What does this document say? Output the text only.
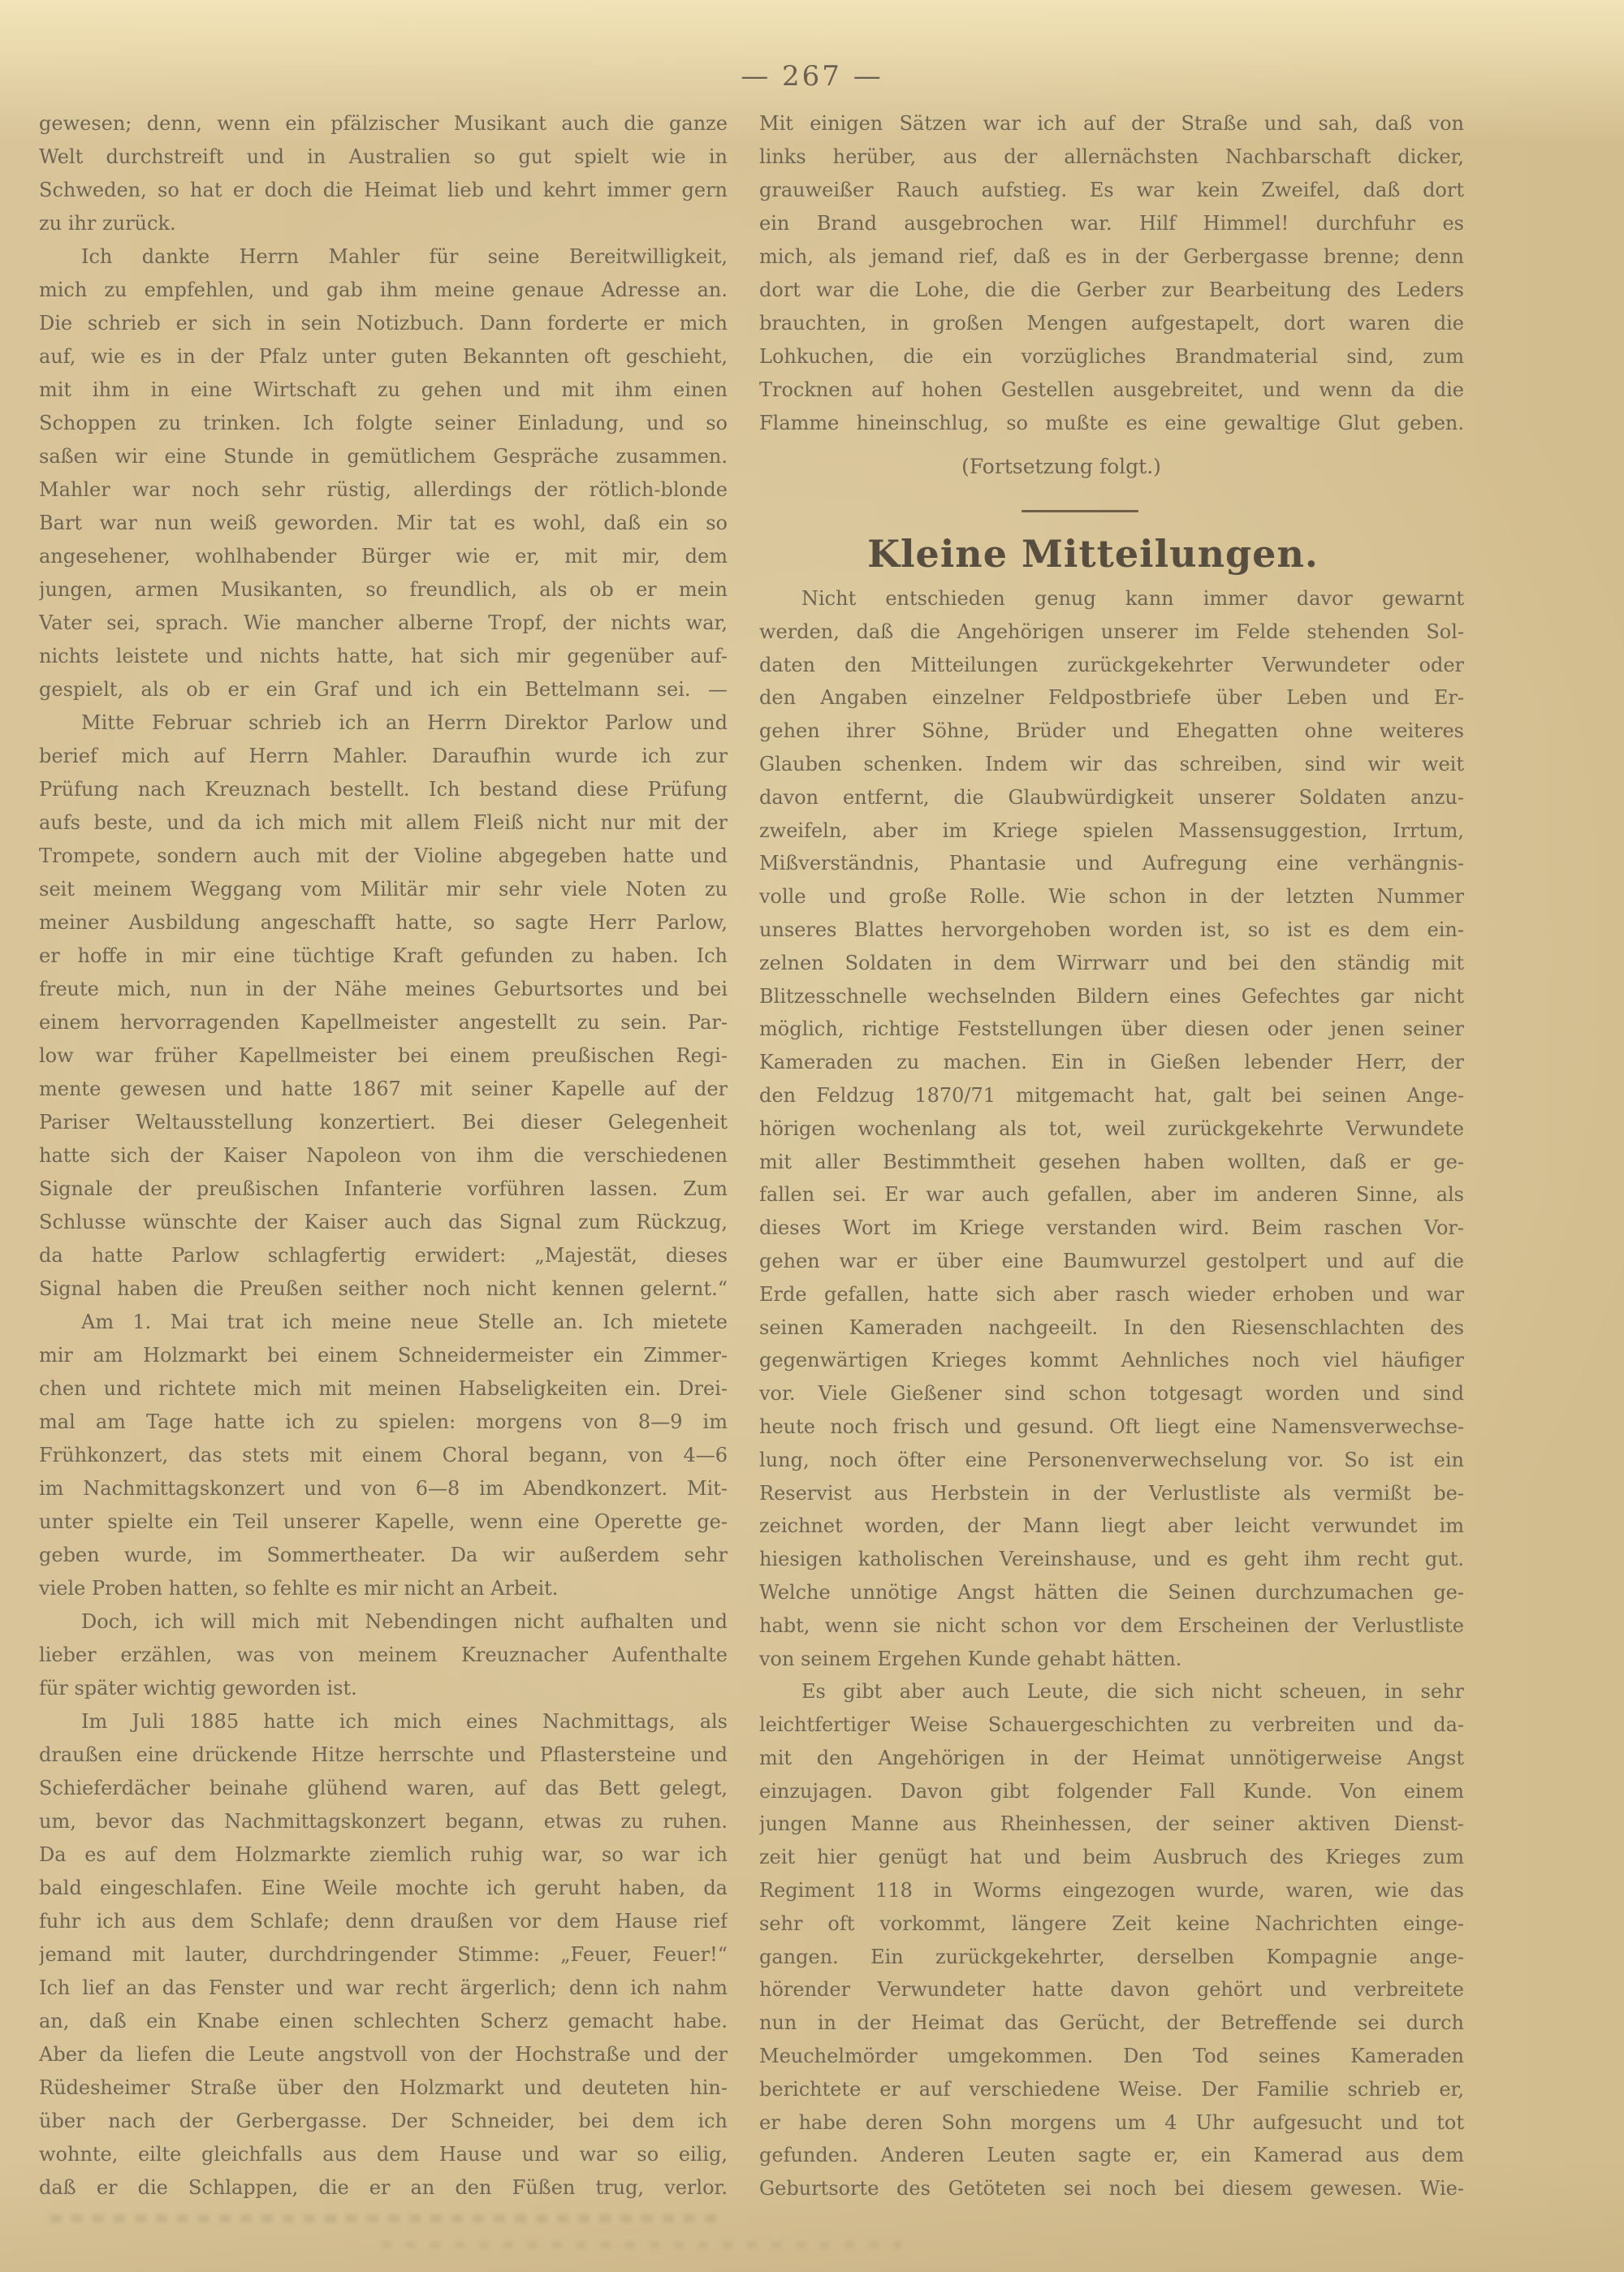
— 267 —
gewesen; denn, wenn ein pfälzischer Musikant auch die ganze
Welt durchstreift und in Australien so gut spielt wie in
Schweden, so hat er doch die Heimat lieb und kehrt immer gern
zu ihr zurück.
Ich dankte Herrn Mahler für seine Bereitwilligkeit,
mich zu empfehlen, und gab ihm meine genaue Adresse an.
Die schrieb er sich in sein Notizbuch. Dann forderte er mich
auf, wie es in der Pfalz unter guten Bekannten oft geschieht,
mit ihm in eine Wirtschaft zu gehen und mit ihm einen
Schoppen zu trinken. Ich folgte seiner Einladung, und so
saßen wir eine Stunde in gemütlichem Gespräche zusammen.
Mahler war noch sehr rüstig, allerdings der rötlich-blonde
Bart war nun weiß geworden. Mir tat es wohl, daß ein so
angesehener, wohlhabender Bürger wie er, mit mir, dem
jungen, armen Musikanten, so freundlich, als ob er mein
Vater sei, sprach. Wie mancher alberne Tropf, der nichts war,
nichts leistete und nichts hatte, hat sich mir gegenüber auf-
gespielt, als ob er ein Graf und ich ein Bettelmann sei. —
Mitte Februar schrieb ich an Herrn Direktor Parlow und
berief mich auf Herrn Mahler. Daraufhin wurde ich zur
Prüfung nach Kreuznach bestellt. Ich bestand diese Prüfung
aufs beste, und da ich mich mit allem Fleiß nicht nur mit der
Trompete, sondern auch mit der Violine abgegeben hatte und
seit meinem Weggang vom Militär mir sehr viele Noten zu
meiner Ausbildung angeschafft hatte, so sagte Herr Parlow,
er hoffe in mir eine tüchtige Kraft gefunden zu haben. Ich
freute mich, nun in der Nähe meines Geburtsortes und bei
einem hervorragenden Kapellmeister angestellt zu sein. Par-
low war früher Kapellmeister bei einem preußischen Regi-
mente gewesen und hatte 1867 mit seiner Kapelle auf der
Pariser Weltausstellung konzertiert. Bei dieser Gelegenheit
hatte sich der Kaiser Napoleon von ihm die verschiedenen
Signale der preußischen Infanterie vorführen lassen. Zum
Schlusse wünschte der Kaiser auch das Signal zum Rückzug,
da hatte Parlow schlagfertig erwidert: „Majestät, dieses
Signal haben die Preußen seither noch nicht kennen gelernt.“
Am 1. Mai trat ich meine neue Stelle an. Ich mietete
mir am Holzmarkt bei einem Schneidermeister ein Zimmer-
chen und richtete mich mit meinen Habseligkeiten ein. Drei-
mal am Tage hatte ich zu spielen: morgens von 8—9 im
Frühkonzert, das stets mit einem Choral begann, von 4—6
im Nachmittagskonzert und von 6—8 im Abendkonzert. Mit-
unter spielte ein Teil unserer Kapelle, wenn eine Operette ge-
geben wurde, im Sommertheater. Da wir außerdem sehr
viele Proben hatten, so fehlte es mir nicht an Arbeit.
Doch, ich will mich mit Nebendingen nicht aufhalten und
lieber erzählen, was von meinem Kreuznacher Aufenthalte
für später wichtig geworden ist.
Im Juli 1885 hatte ich mich eines Nachmittags, als
draußen eine drückende Hitze herrschte und Pflastersteine und
Schieferdächer beinahe glühend waren, auf das Bett gelegt,
um, bevor das Nachmittagskonzert begann, etwas zu ruhen.
Da es auf dem Holzmarkte ziemlich ruhig war, so war ich
bald eingeschlafen. Eine Weile mochte ich geruht haben, da
fuhr ich aus dem Schlafe; denn draußen vor dem Hause rief
jemand mit lauter, durchdringender Stimme: „Feuer, Feuer!“
Ich lief an das Fenster und war recht ärgerlich; denn ich nahm
an, daß ein Knabe einen schlechten Scherz gemacht habe.
Aber da liefen die Leute angstvoll von der Hochstraße und der
Rüdesheimer Straße über den Holzmarkt und deuteten hin-
über nach der Gerbergasse. Der Schneider, bei dem ich
wohnte, eilte gleichfalls aus dem Hause und war so eilig,
daß er die Schlappen, die er an den Füßen trug, verlor.
Mit einigen Sätzen war ich auf der Straße und sah, daß von
links herüber, aus der allernächsten Nachbarschaft dicker,
grauweißer Rauch aufstieg. Es war kein Zweifel, daß dort
ein Brand ausgebrochen war. Hilf Himmel! durchfuhr es
mich, als jemand rief, daß es in der Gerbergasse brenne; denn
dort war die Lohe, die die Gerber zur Bearbeitung des Leders
brauchten, in großen Mengen aufgestapelt, dort waren die
Lohkuchen, die ein vorzügliches Brandmaterial sind, zum
Trocknen auf hohen Gestellen ausgebreitet, und wenn da die
Flamme hineinschlug, so mußte es eine gewaltige Glut geben.
(Fortsetzung folgt.)
Kleine Mitteilungen.
Nicht entschieden genug kann immer davor gewarnt
werden, daß die Angehörigen unserer im Felde stehenden Sol-
daten den Mitteilungen zurückgekehrter Verwundeter oder
den Angaben einzelner Feldpostbriefe über Leben und Er-
gehen ihrer Söhne, Brüder und Ehegatten ohne weiteres
Glauben schenken. Indem wir das schreiben, sind wir weit
davon entfernt, die Glaubwürdigkeit unserer Soldaten anzu-
zweifeln, aber im Kriege spielen Massensuggestion, Irrtum,
Mißverständnis, Phantasie und Aufregung eine verhängnis-
volle und große Rolle. Wie schon in der letzten Nummer
unseres Blattes hervorgehoben worden ist, so ist es dem ein-
zelnen Soldaten in dem Wirrwarr und bei den ständig mit
Blitzesschnelle wechselnden Bildern eines Gefechtes gar nicht
möglich, richtige Feststellungen über diesen oder jenen seiner
Kameraden zu machen. Ein in Gießen lebender Herr, der
den Feldzug 1870/71 mitgemacht hat, galt bei seinen Ange-
hörigen wochenlang als tot, weil zurückgekehrte Verwundete
mit aller Bestimmtheit gesehen haben wollten, daß er ge-
fallen sei. Er war auch gefallen, aber im anderen Sinne, als
dieses Wort im Kriege verstanden wird. Beim raschen Vor-
gehen war er über eine Baumwurzel gestolpert und auf die
Erde gefallen, hatte sich aber rasch wieder erhoben und war
seinen Kameraden nachgeeilt. In den Riesenschlachten des
gegenwärtigen Krieges kommt Aehnliches noch viel häufiger
vor. Viele Gießener sind schon totgesagt worden und sind
heute noch frisch und gesund. Oft liegt eine Namensverwechse-
lung, noch öfter eine Personenverwechselung vor. So ist ein
Reservist aus Herbstein in der Verlustliste als vermißt be-
zeichnet worden, der Mann liegt aber leicht verwundet im
hiesigen katholischen Vereinshause, und es geht ihm recht gut.
Welche unnötige Angst hätten die Seinen durchzumachen ge-
habt, wenn sie nicht schon vor dem Erscheinen der Verlustliste
von seinem Ergehen Kunde gehabt hätten.
Es gibt aber auch Leute, die sich nicht scheuen, in sehr
leichtfertiger Weise Schauergeschichten zu verbreiten und da-
mit den Angehörigen in der Heimat unnötigerweise Angst
einzujagen. Davon gibt folgender Fall Kunde. Von einem
jungen Manne aus Rheinhessen, der seiner aktiven Dienst-
zeit hier genügt hat und beim Ausbruch des Krieges zum
Regiment 118 in Worms eingezogen wurde, waren, wie das
sehr oft vorkommt, längere Zeit keine Nachrichten einge-
gangen. Ein zurückgekehrter, derselben Kompagnie ange-
hörender Verwundeter hatte davon gehört und verbreitete
nun in der Heimat das Gerücht, der Betreffende sei durch
Meuchelmörder umgekommen. Den Tod seines Kameraden
berichtete er auf verschiedene Weise. Der Familie schrieb er,
er habe deren Sohn morgens um 4 Uhr aufgesucht und tot
gefunden. Anderen Leuten sagte er, ein Kamerad aus dem
Geburtsorte des Getöteten sei noch bei diesem gewesen. Wie-
